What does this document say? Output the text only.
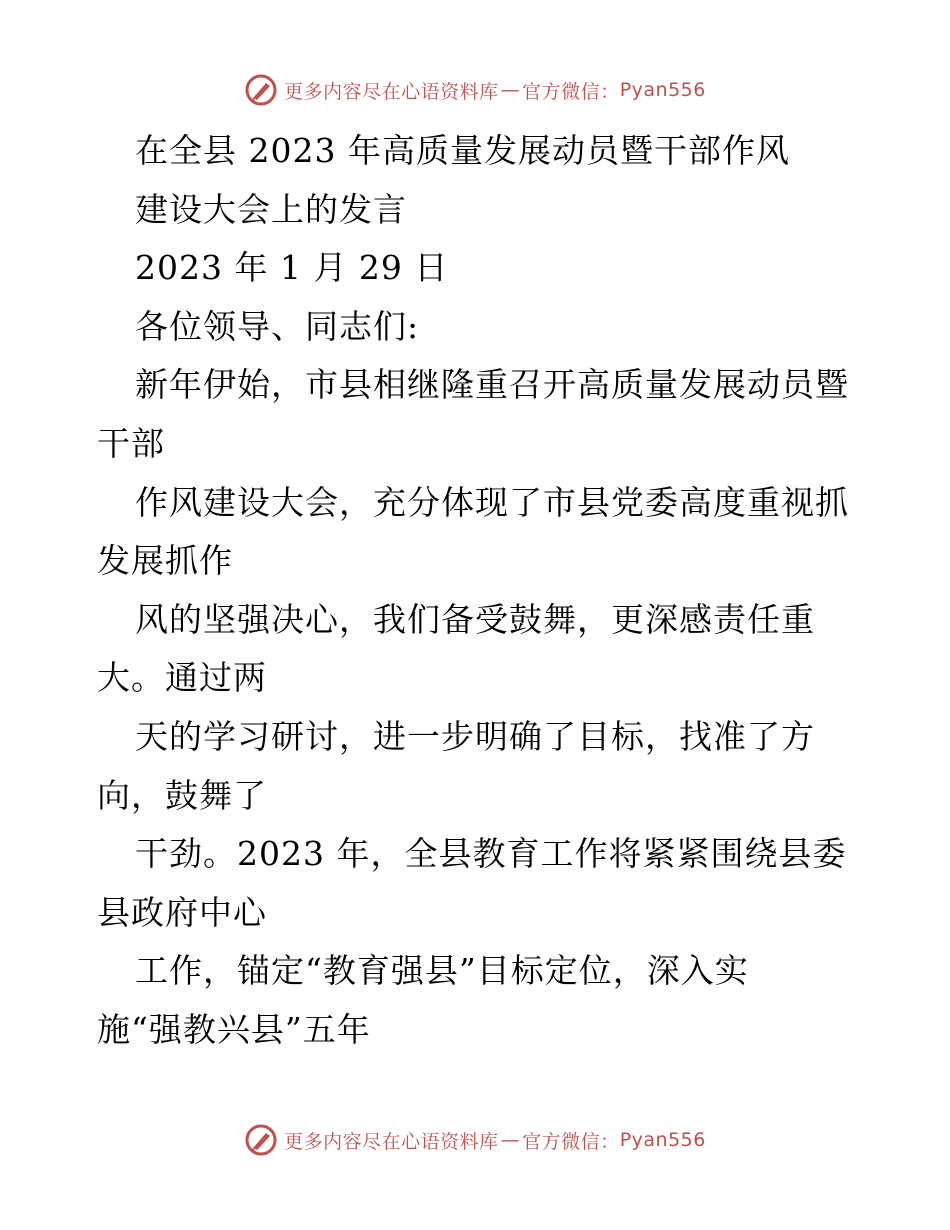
更多内容尽在心语资料库 — 官方微信： Pyan556
在全县 2023 年高质量发展动员暨干部作风
建设大会上的发言
2023 年 1 月 29 日
各位领导、同志们:
新年伊始，市县相继隆重召开高质量发展动员暨
干部
作风建设大会，充分体现了市县党委高度重视抓
发展抓作
风的坚强决心，我们备受鼓舞，更深感责任重
大。通过两
天的学习研讨，进一步明确了目标，找准了方
向，鼓舞了
干劲。2023 年，全县教育工作将紧紧围绕县委
县政府中心
工作，锚定“教育强县”目标定位，深入实
施“强教兴县”五年
更多内容尽在心语资料库 — 官方微信： Pyan556
